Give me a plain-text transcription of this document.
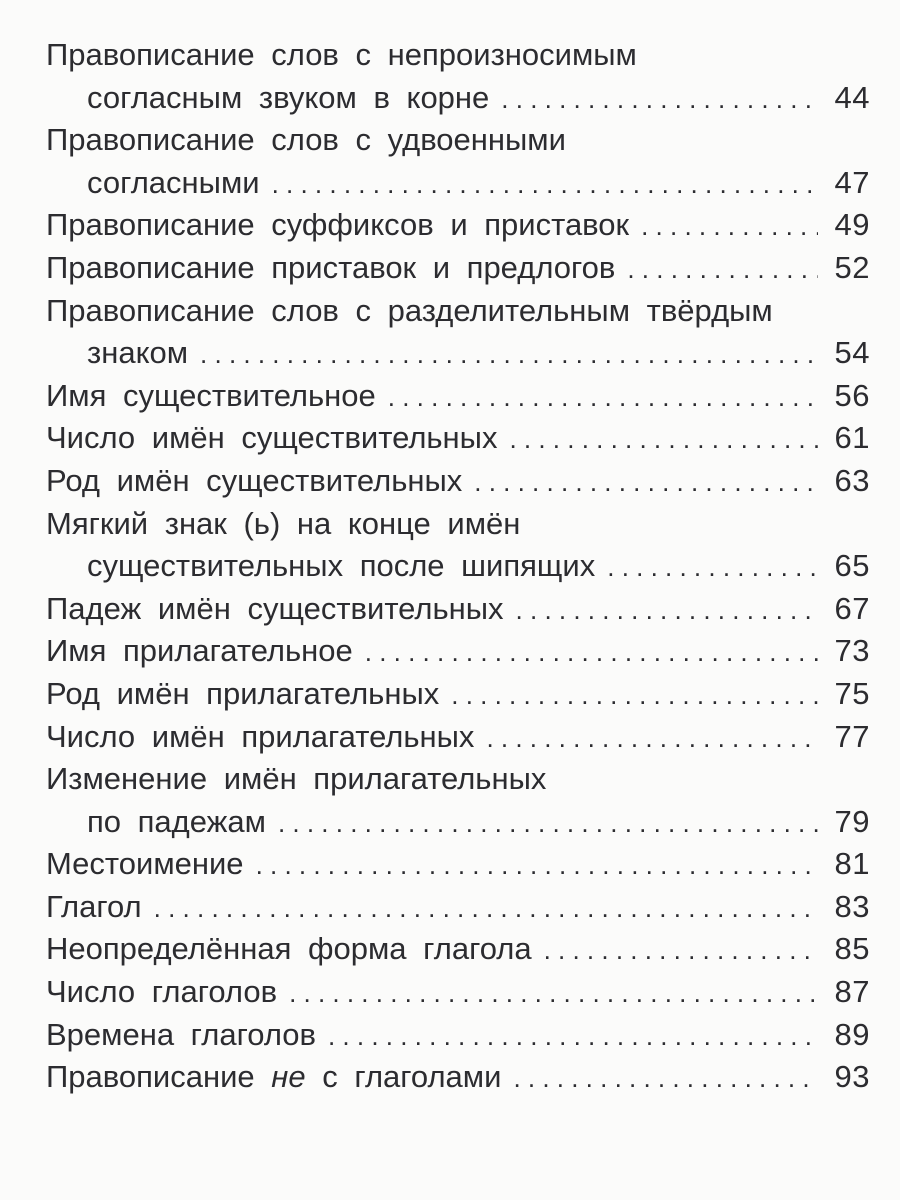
Правописание слов с непроизносимым
согласным звуком в корне . . .	44
Правописание слов с удвоенными
согласными . . .	47
Правописание суффиксов и приставок . . .	49
Правописание приставок и предлогов . . .	52
Правописание слов с разделительным твёрдым
знаком . . .	54
Имя существительное . . .	56
Число имён существительных . . .	61
Род имён существительных . . .	63
Мягкий знак (ь) на конце имён
существительных после шипящих . . .	65
Падеж имён существительных . . .	67
Имя прилагательное . . .	73
Род имён прилагательных . . .	75
Число имён прилагательных . . .	77
Изменение имён прилагательных
по падежам . . .	79
Местоимение . . .	81
Глагол . . .	83
Неопределённая форма глагола . . .	85
Число глаголов . . .	87
Времена глаголов . . .	89
Правописание не с глаголами . . .	93
